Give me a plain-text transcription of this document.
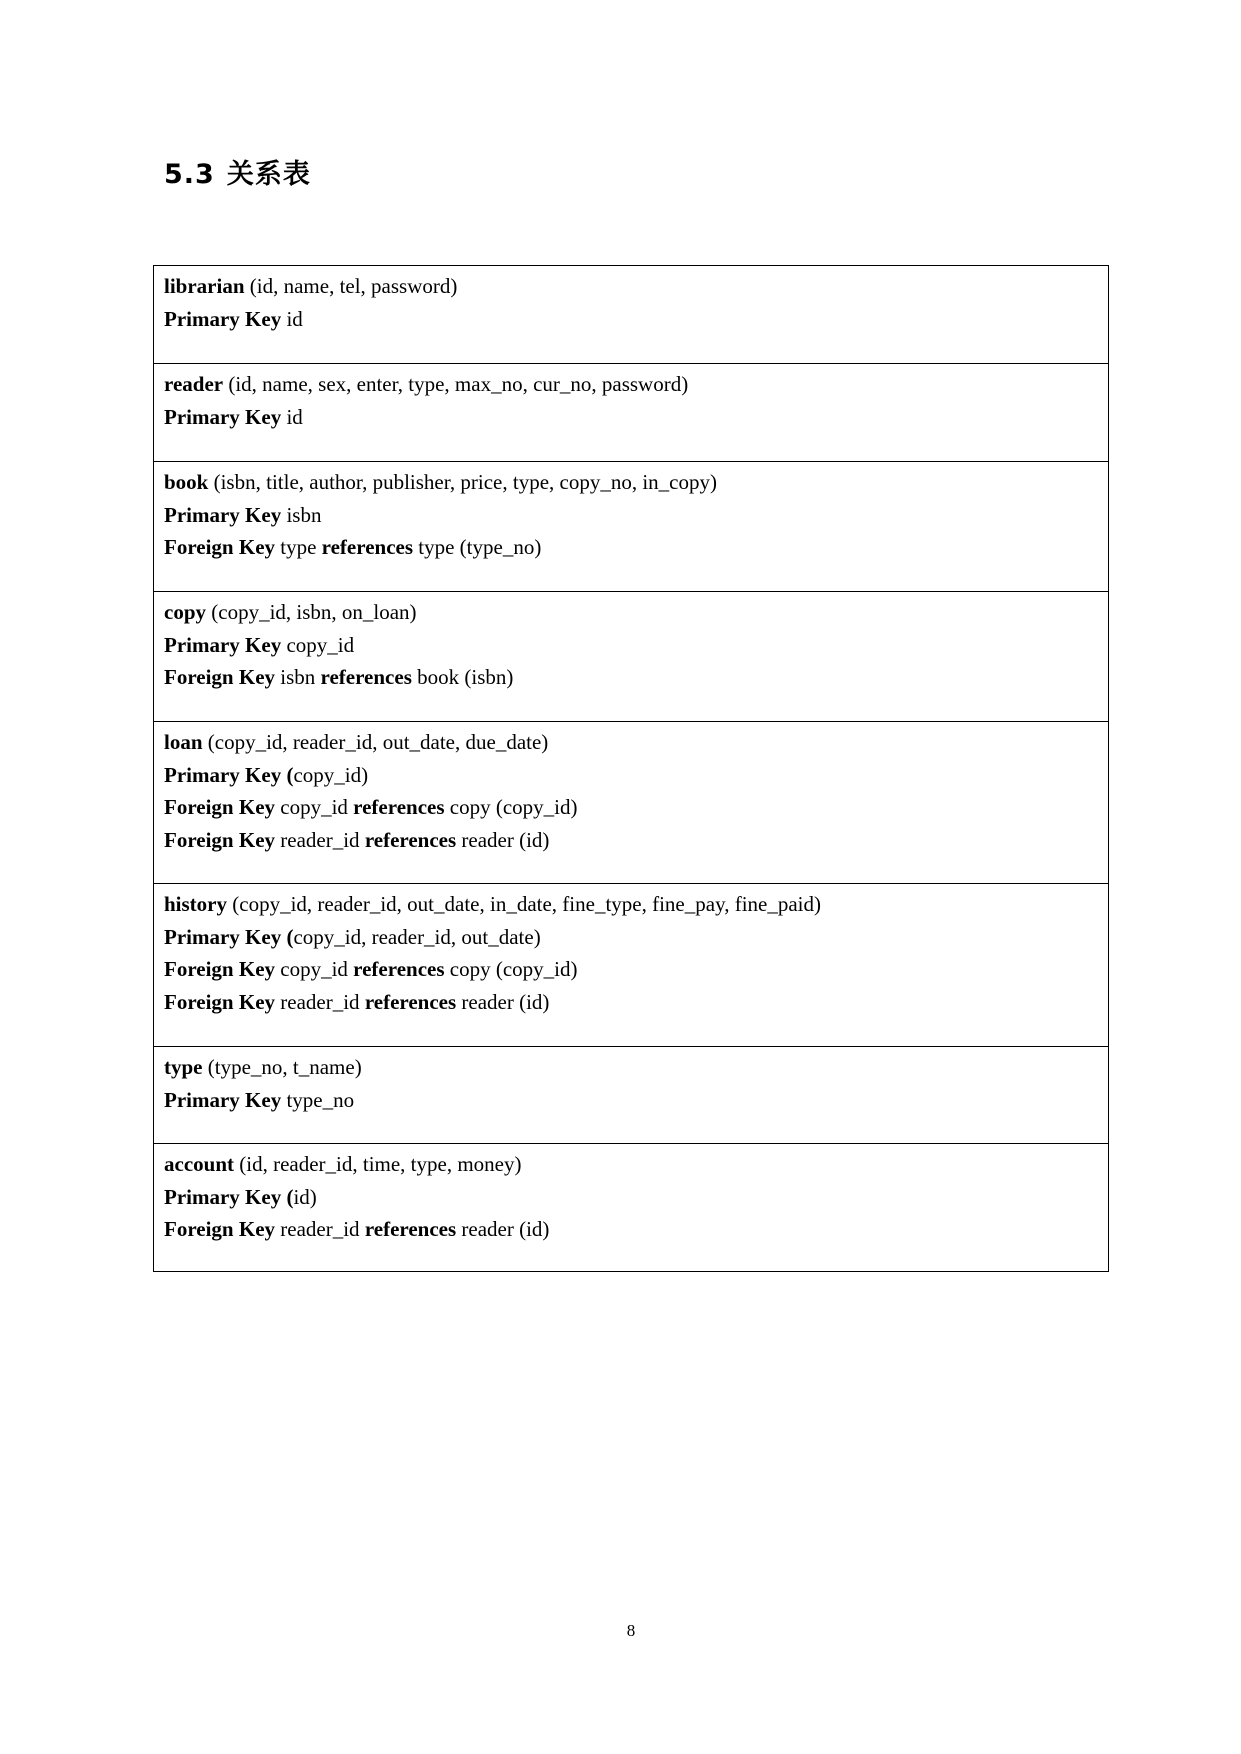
5.3 关系表
librarian (id, name, tel, password)
Primary Key id
reader (id, name, sex, enter, type, max_no, cur_no, password)
Primary Key id
book (isbn, title, author, publisher, price, type, copy_no, in_copy)
Primary Key isbn
Foreign Key type references type (type_no)
copy (copy_id, isbn, on_loan)
Primary Key copy_id
Foreign Key isbn references book (isbn)
loan (copy_id, reader_id, out_date, due_date)
Primary Key (copy_id)
Foreign Key copy_id references copy (copy_id)
Foreign Key reader_id references reader (id)
history (copy_id, reader_id, out_date, in_date, fine_type, fine_pay, fine_paid)
Primary Key (copy_id, reader_id, out_date)
Foreign Key copy_id references copy (copy_id)
Foreign Key reader_id references reader (id)
type (type_no, t_name)
Primary Key type_no
account (id, reader_id, time, type, money)
Primary Key (id)
Foreign Key reader_id references reader (id)
8
